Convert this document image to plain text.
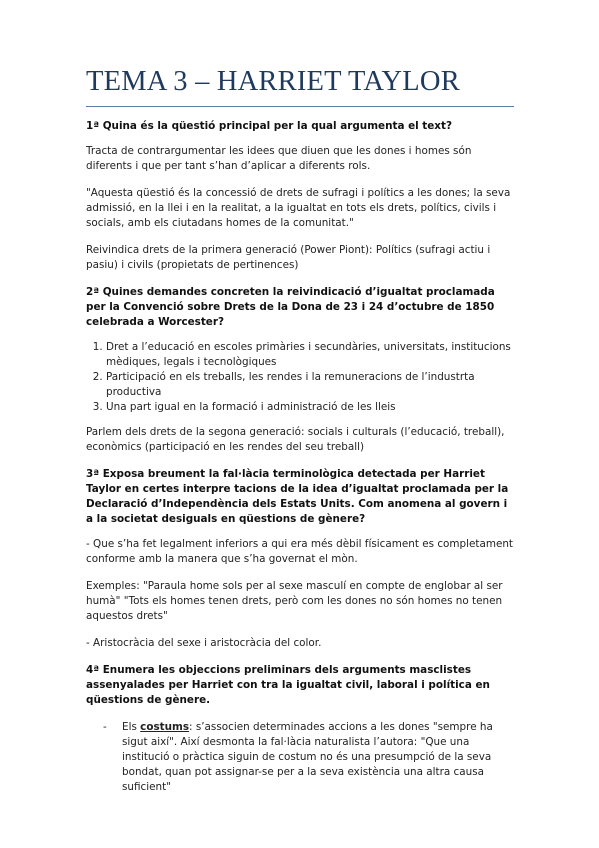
TEMA 3 – HARRIET TAYLOR

1ª Quina és la qüestió principal per la qual argumenta el text?

Tracta de contrargumentar les idees que diuen que les dones i homes són diferents i que per tant s’han d’aplicar a diferents rols.

"Aquesta qüestió és la concessió de drets de sufragi i polítics a les dones; la seva admissió, en la llei i en la realitat, a la igualtat en tots els drets, polítics, civils i socials, amb els ciutadans homes de la comunitat."

Reivindica drets de la primera generació (Power Piont): Polítics (sufragi actiu i pasiu) i civils (propietats de pertinences)

2ª Quines demandes concreten la reivindicació d’igualtat proclamada per la Convenció sobre Drets de la Dona de 23 i 24 d’octubre de 1850 celebrada a Worcester?

1. Dret a l’educació en escoles primàries i secundàries, universitats, institucions mèdiques, legals i tecnològiques
2. Participació en els treballs, les rendes i la remuneracions de l’industrta productiva
3. Una part igual en la formació i administració de les lleis

Parlem dels drets de la segona generació: socials i culturals (l’educació, treball), econòmics (participació en les rendes del seu treball)

3ª Exposa breument la fal·làcia terminològica detectada per Harriet Taylor en certes interpre tacions de la idea d’igualtat proclamada per la Declaració d’Independència dels Estats Units. Com anomena al govern i a la societat desiguals en qüestions de gènere?

- Que s’ha fet legalment inferiors a qui era més dèbil físicament es completament conforme amb la manera que s’ha governat el mòn.

Exemples: "Paraula home sols per al sexe masculí en compte de englobar al ser humà" "Tots els homes tenen drets, però com les dones no són homes no tenen aquestos drets"

- Aristocràcia del sexe i aristocràcia del color.

4ª Enumera les objeccions preliminars dels arguments masclistes assenyalades per Harriet con tra la igualtat civil, laboral i política en qüestions de gènere.

- Els costums: s’associen determinades accions a les dones "sempre ha sigut així". Així desmonta la fal·làcia naturalista l’autora: "Que una institució o pràctica siguin de costum no és una presumpció de la seva bondat, quan pot assignar-se per a la seva existència una altra causa suficient"
